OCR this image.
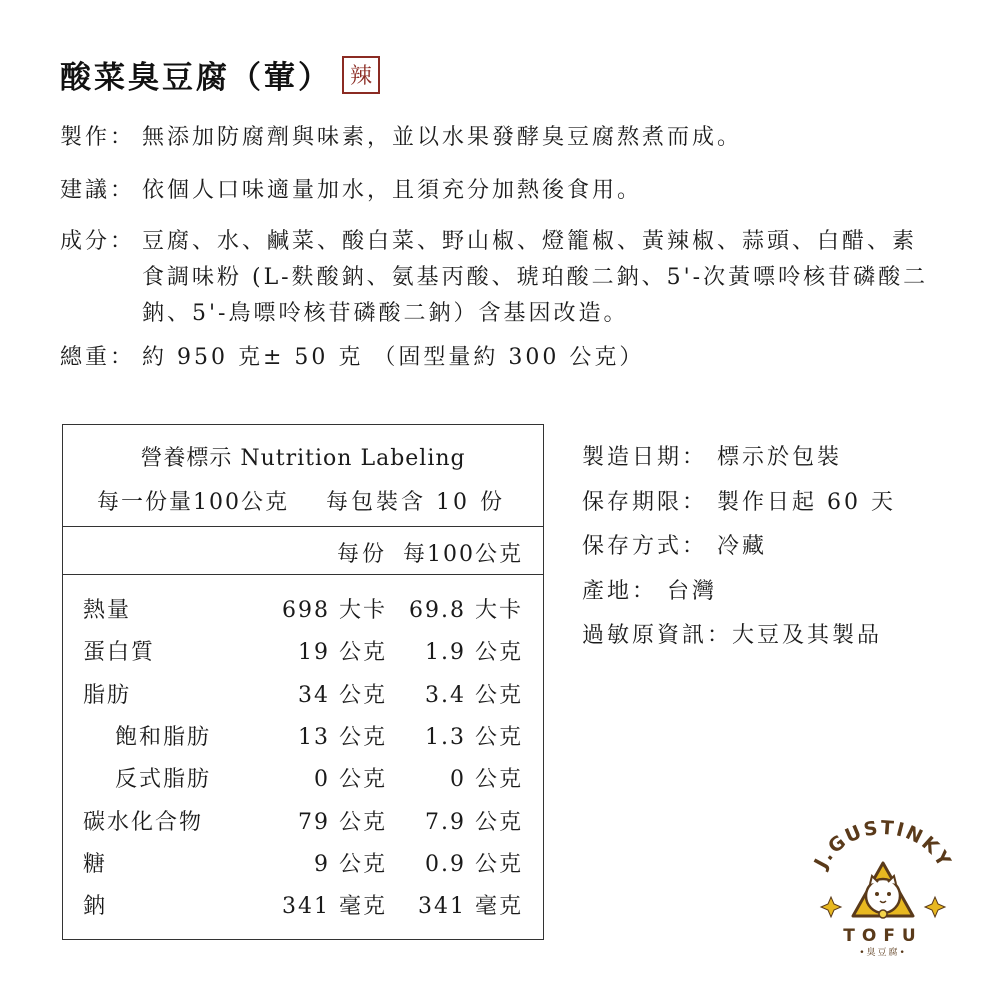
酸菜臭豆腐（葷） 辣
製作： 無添加防腐劑與味素，並以水果發酵臭豆腐熬煮而成。
建議： 依個人口味適量加水，且須充分加熱後食用。
成分： 豆腐、水、鹹菜、酸白菜、野山椒、燈籠椒、黃辣椒、蒜頭、白醋、素
食調味粉 (L-麩酸鈉、氨基丙酸、琥珀酸二鈉、5'-次黃嘌呤核苷磷酸二
鈉、5'-鳥嘌呤核苷磷酸二鈉）含基因改造。
總重： 約 950 克± 50 克 （固型量約 300 公克）
營養標示 Nutrition Labeling
每一份量100公克 每包裝含 10 份
每份 每100公克
熱量	698 大卡 69.8 大卡
蛋白質	19 公克 1.9 公克
脂肪	34 公克 3.4 公克
飽和脂肪	13 公克 1.3 公克
反式脂肪	0 公克	0 公克
碳水化合物	79 公克 7.9 公克
糖	9 公克 0.9 公克
鈉	341 毫克 341 毫克
製造日期： 標示於包裝
保存期限： 製作日起 60 天
保存方式： 冷藏
產地： 台灣
過敏原資訊：大豆及其製品
J.GUSTINKY
TOFU
•臭豆腐•
